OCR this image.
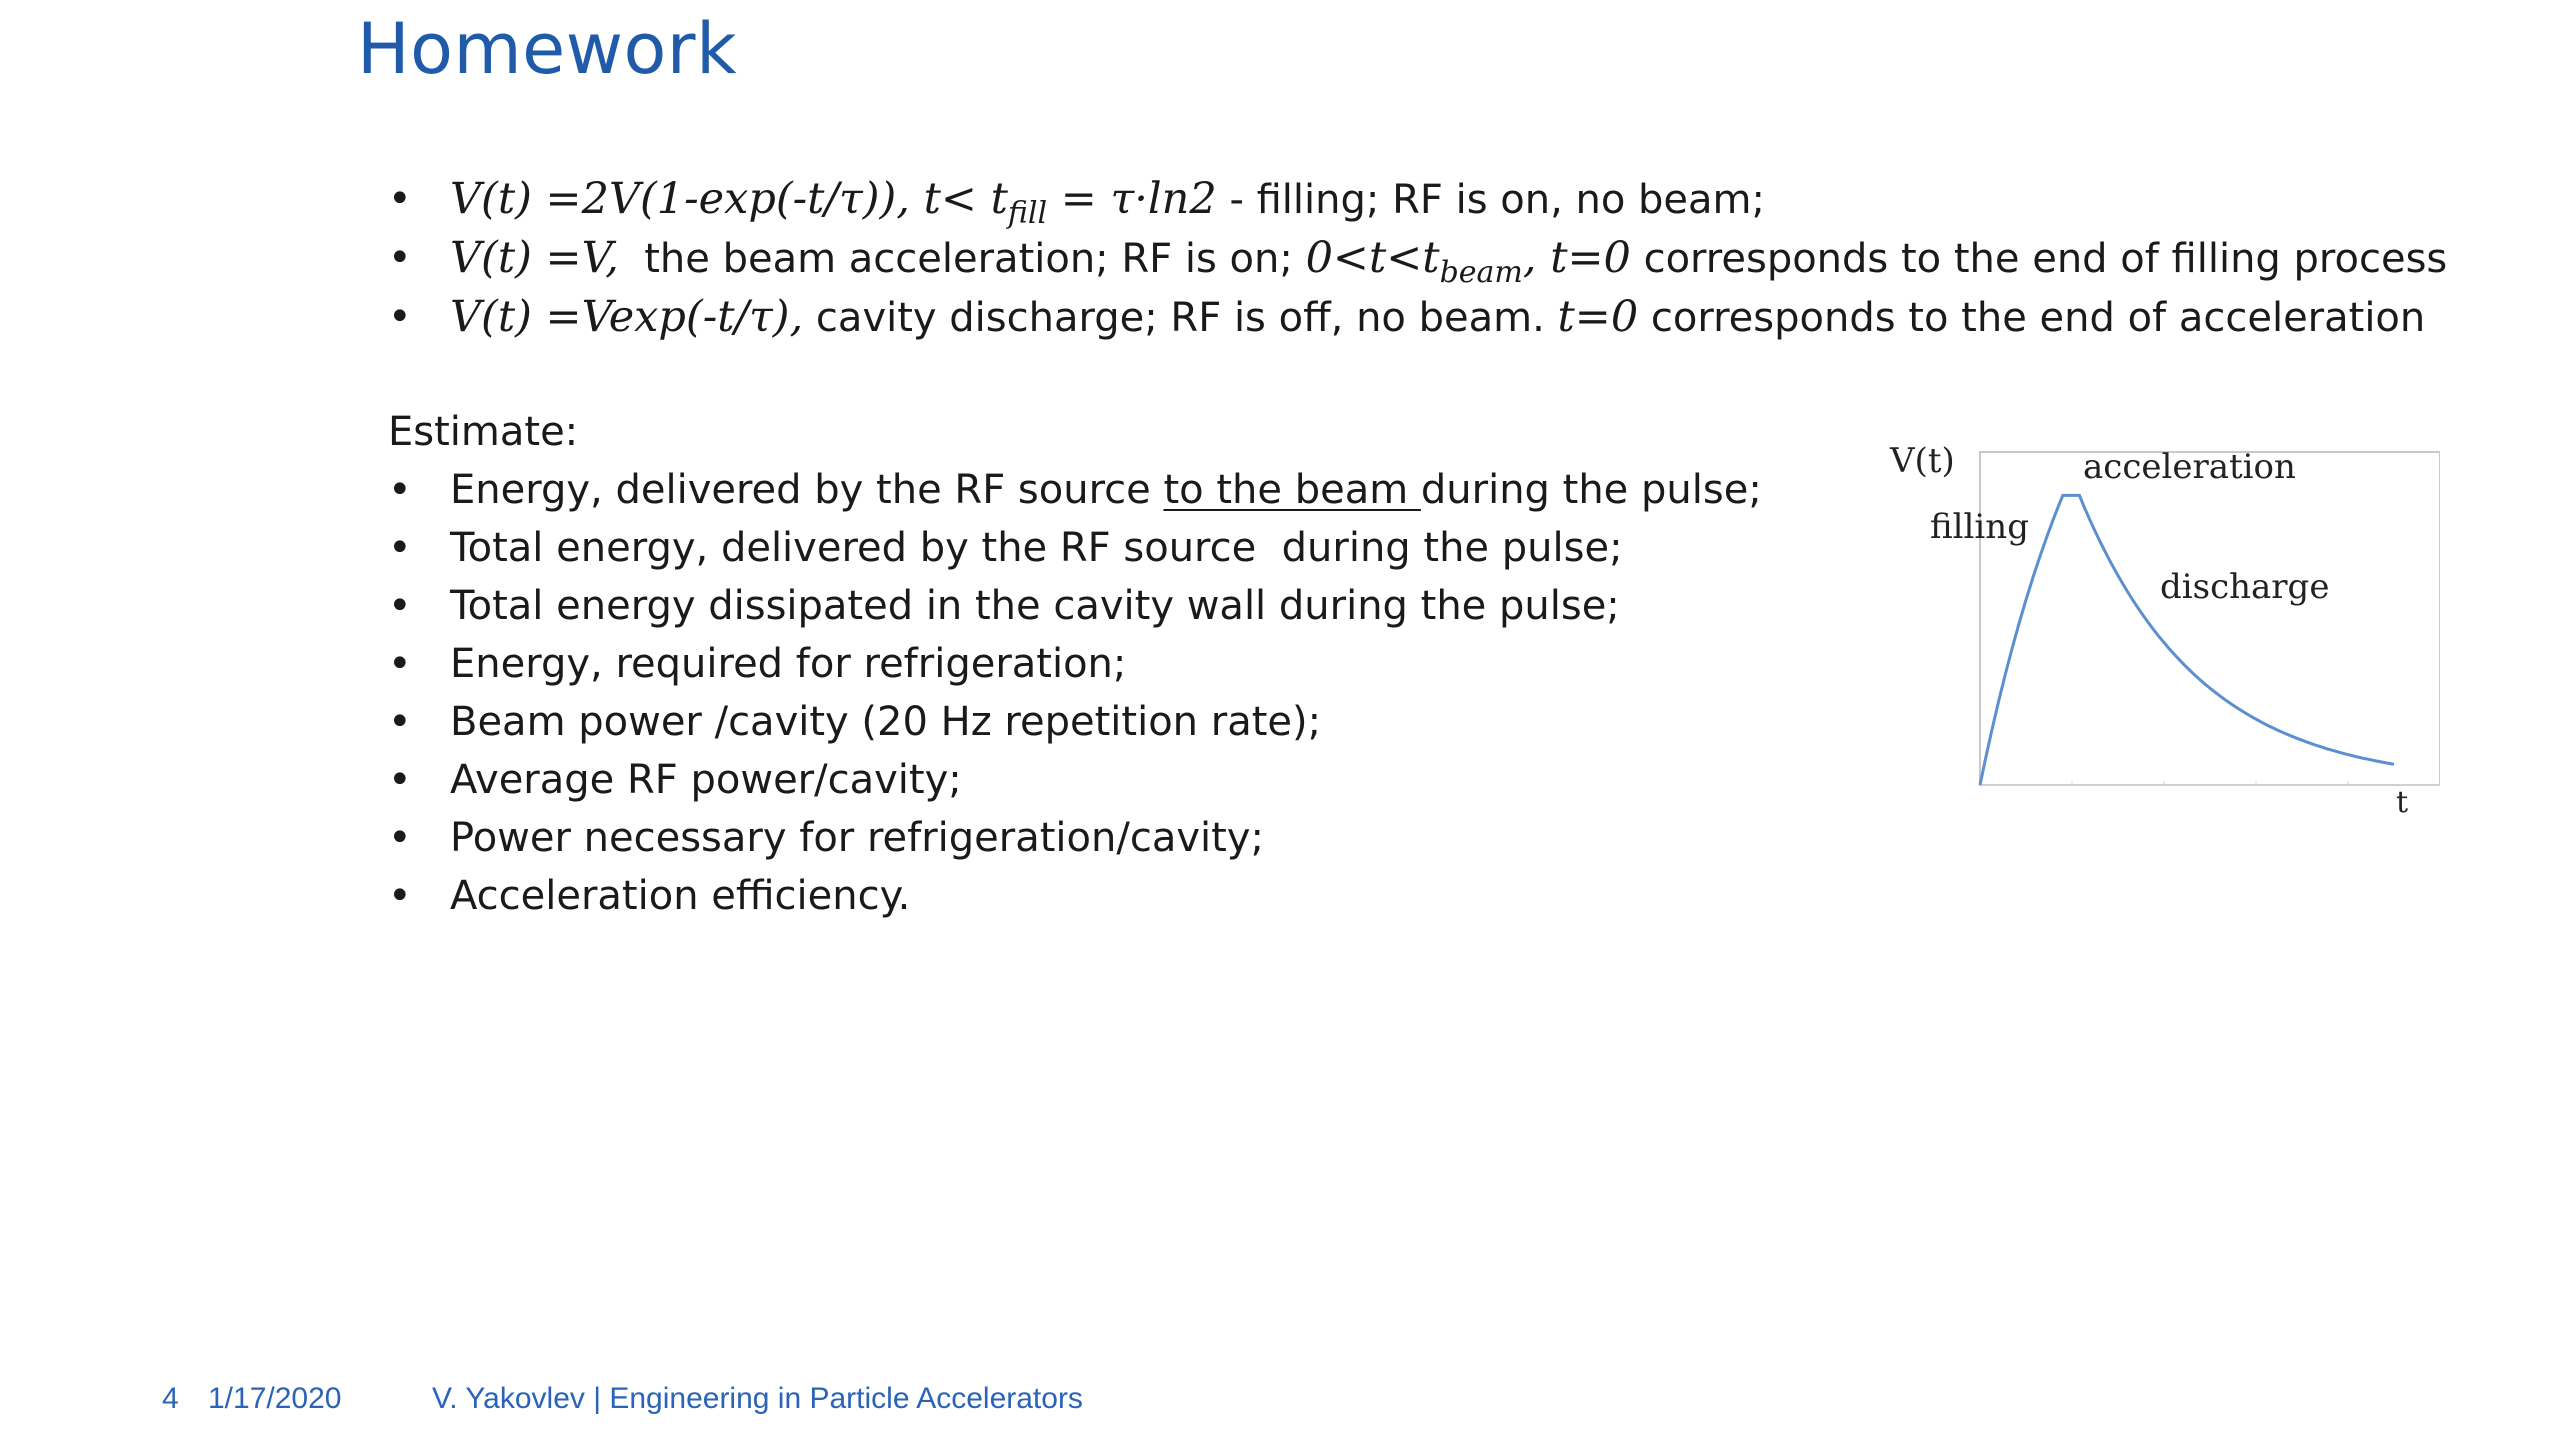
Homework
• V(t) =2V(1-exp(-t/τ)), $t< t_{fill} = \tau\cdot\ln 2$ - filling; RF is on, no beam;
• V(t) =V,  the beam acceleration; RF is on; $0<t<t_{beam}$, t=0 corresponds to the end of filling process
• V(t) =Vexp(-t/τ), cavity discharge; RF is off, no beam. t=0 corresponds to the end of acceleration
Estimate:
• Energy, delivered by the RF source to the beam during the pulse;
• Total energy, delivered by the RF source  during the pulse;
• Total energy dissipated in the cavity wall during the pulse;
• Energy, required for refrigeration;
• Beam power /cavity (20 Hz repetition rate);
• Average RF power/cavity;
• Power necessary for refrigeration/cavity;
• Acceleration efficiency.
V(t)
t
filling
acceleration
discharge
4 1/17/2020	V. Yakovlev | Engineering in Particle Accelerators
